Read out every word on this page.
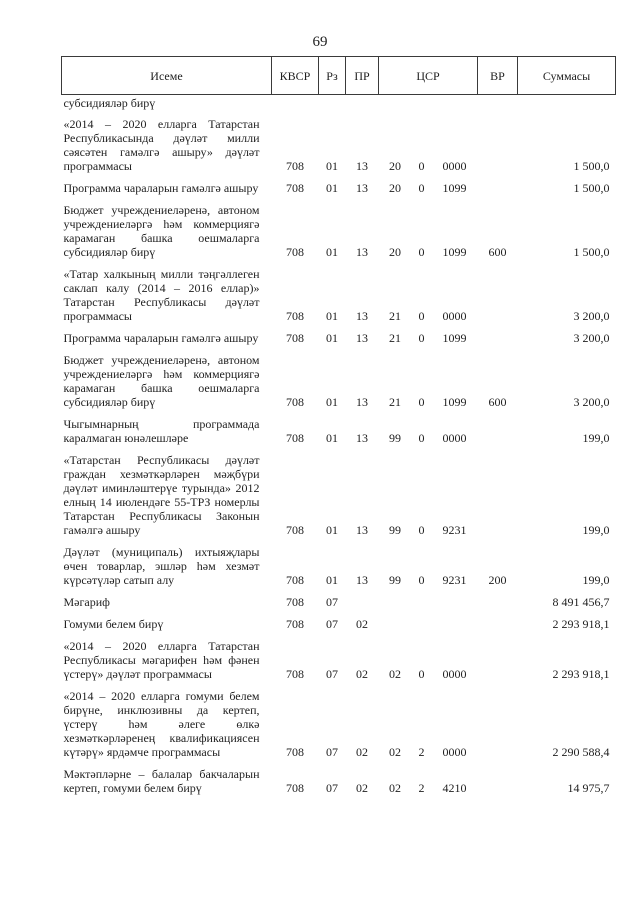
69
Исеме	КВСР	Рз	ПР	ЦСР			ВР	Суммасы
субсидияләр бирү								
«2014 – 2020 елларга Татарстан Республикасында дәүләт милли сәясәтен гамәлгә ашыру» дәүләт программасы	708	01	13	20	0	0000		1 500,0
Программа чараларын гамәлгә ашыру	708	01	13	20	0	1099		1 500,0
Бюджет учреждениеләренә, автоном учреждениеләргә һәм коммерциягә карамаган башка оешмаларга субсидияләр бирү	708	01	13	20	0	1099	600	1 500,0
«Татар халкының милли тәңгәллеген саклап калу (2014 – 2016 еллар)» Татарстан Республикасы дәүләт программасы	708	01	13	21	0	0000		3 200,0
Программа чараларын гамәлгә ашыру	708	01	13	21	0	1099		3 200,0
Бюджет учреждениеләренә, автоном учреждениеләргә һәм коммерциягә карамаган башка оешмаларга субсидияләр бирү	708	01	13	21	0	1099	600	3 200,0
Чыгымнарның программада каралмаган юнәлешләре	708	01	13	99	0	0000		199,0
«Татарстан Республикасы дәүләт граждан хезмәткәрләрен мәҗбүри дәүләт иминләштерүе турында» 2012 елның 14 июлендәге 55-ТРЗ номерлы Татарстан Республикасы Законын гамәлгә ашыру	708	01	13	99	0	9231		199,0
Дәүләт (муниципаль) ихтыяҗлары өчен товарлар, эшләр һәм хезмәт күрсәтүләр сатып алу	708	01	13	99	0	9231	200	199,0
Мәгариф	708	07						8 491 456,7
Гомуми белем бирү	708	07	02					2 293 918,1
«2014 – 2020 елларга Татарстан Республикасы мәгарифен һәм фәнен үстерү» дәүләт программасы	708	07	02	02	0	0000		2 293 918,1
«2014 – 2020 елларга гомуми белем бирүне, инклюзивны да кертеп, үстерү һәм әлеге өлкә хезмәткәрләренең квалификациясен күтәрү» ярдәмче программасы	708	07	02	02	2	0000		2 290 588,4
Мәктәпләрне – балалар бакчаларын кертеп, гомуми белем бирү	708	07	02	02	2	4210		14 975,7
